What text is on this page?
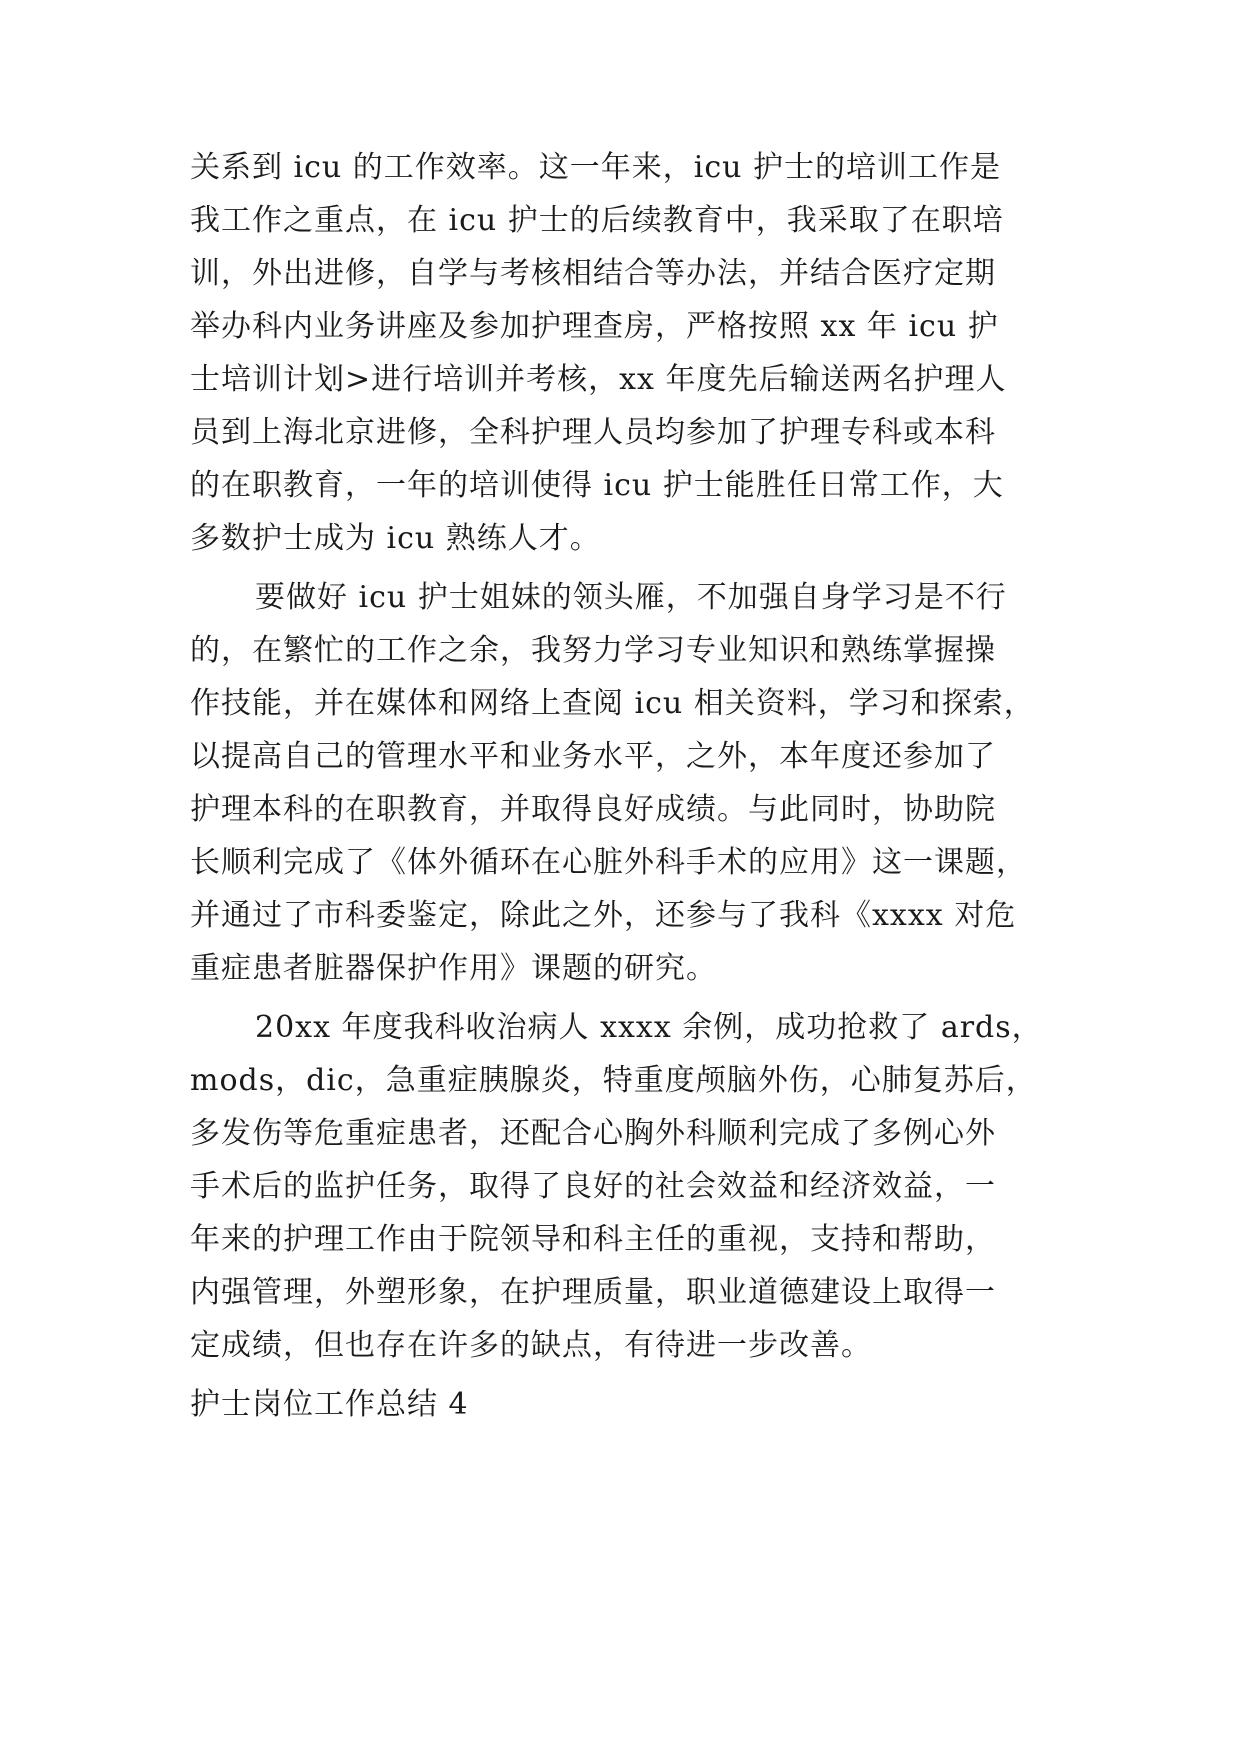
关系到 icu 的工作效率。这一年来，icu 护士的培训工作是
我工作之重点，在 icu 护士的后续教育中，我采取了在职培
训，外出进修，自学与考核相结合等办法，并结合医疗定期
举办科内业务讲座及参加护理查房，严格按照 xx 年 icu 护
士培训计划>进行培训并考核，xx 年度先后输送两名护理人
员到上海北京进修，全科护理人员均参加了护理专科或本科
的在职教育，一年的培训使得 icu 护士能胜任日常工作，大
多数护士成为 icu 熟练人才。
要做好 icu 护士姐妹的领头雁，不加强自身学习是不行
的，在繁忙的工作之余，我努力学习专业知识和熟练掌握操
作技能，并在媒体和网络上查阅 icu 相关资料，学习和探索，
以提高自己的管理水平和业务水平，之外，本年度还参加了
护理本科的在职教育，并取得良好成绩。与此同时，协助院
长顺利完成了《体外循环在心脏外科手术的应用》这一课题，
并通过了市科委鉴定，除此之外，还参与了我科《xxxx 对危
重症患者脏器保护作用》课题的研究。
20xx 年度我科收治病人 xxxx 余例，成功抢救了 ards，
mods，dic，急重症胰腺炎，特重度颅脑外伤，心肺复苏后，
多发伤等危重症患者，还配合心胸外科顺利完成了多例心外
手术后的监护任务，取得了良好的社会效益和经济效益，一
年来的护理工作由于院领导和科主任的重视，支持和帮助，
内强管理，外塑形象，在护理质量，职业道德建设上取得一
定成绩，但也存在许多的缺点，有待进一步改善。
护士岗位工作总结 4
